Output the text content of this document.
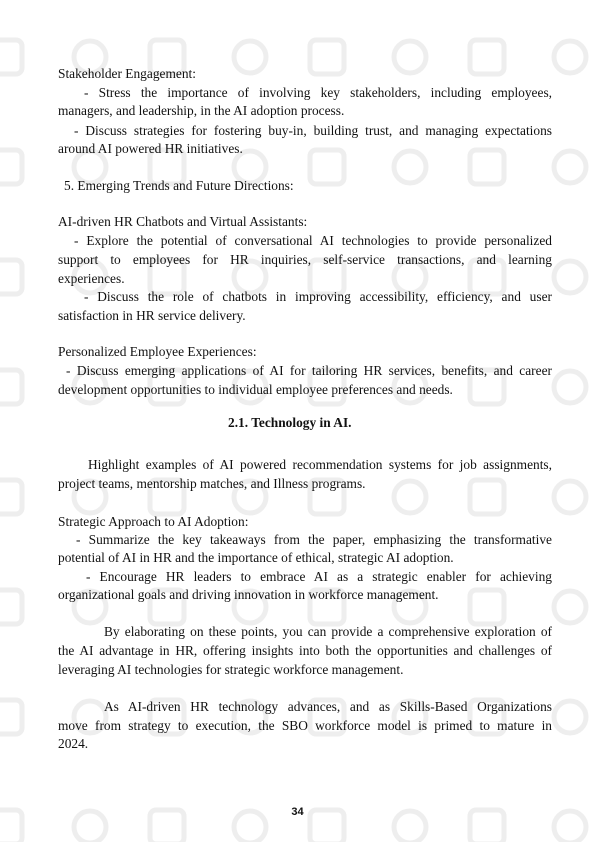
Stakeholder Engagement:
- Stress the importance of involving key stakeholders, including employees,
managers, and leadership, in the AI adoption process.
- Discuss strategies for fostering buy-in, building trust, and managing expectations
around AI powered HR initiatives.
5. Emerging Trends and Future Directions:
AI-driven HR Chatbots and Virtual Assistants:
- Explore the potential of conversational AI technologies to provide personalized
support to employees for HR inquiries, self-service transactions, and learning
experiences.
- Discuss the role of chatbots in improving accessibility, efficiency, and user
satisfaction in HR service delivery.
Personalized Employee Experiences:
- Discuss emerging applications of AI for tailoring HR services, benefits, and career
development opportunities to individual employee preferences and needs.
2.1. Technology in AI.
Highlight examples of AI powered recommendation systems for job assignments,
project teams, mentorship matches, and Illness programs.
Strategic Approach to AI Adoption:
- Summarize the key takeaways from the paper, emphasizing the transformative
potential of AI in HR and the importance of ethical, strategic AI adoption.
- Encourage HR leaders to embrace AI as a strategic enabler for achieving
organizational goals and driving innovation in workforce management.
By elaborating on these points, you can provide a comprehensive exploration of
the AI advantage in HR, offering insights into both the opportunities and challenges of
leveraging AI technologies for strategic workforce management.
As AI-driven HR technology advances, and as Skills-Based Organizations
move from strategy to execution, the SBO workforce model is primed to mature in
2024.
34
